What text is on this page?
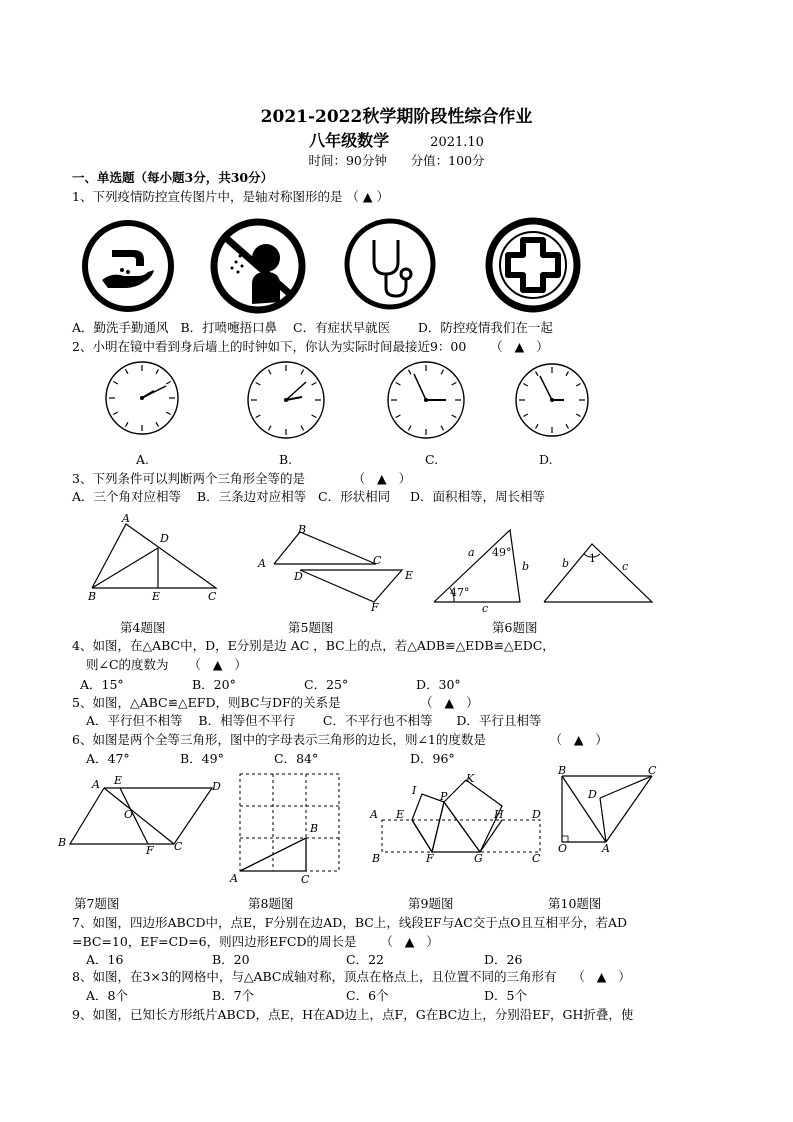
2021-2022秋学期阶段性综合作业
八年级数学	2021.10
时间：90分钟      分值：100分
一、单选题（每小题3分，共30分）
1、下列疫情防控宣传图片中，是轴对称图形的是 （ ▲ ）
A．勤洗手勤通风   B．打喷嚏捂口鼻    C．有症状早就医       D．防控疫情我们在一起
2、小明在镜中看到身后墙上的时钟如下，你认为实际时间最接近9：00      （   ▲   ）
A.	B.	C.	D.
3、下列条件可以判断两个三角形全等的是            （   ▲   ）
A．三个角对应相等    B．三条边对应相等   C．形状相同     D．面积相等，周长相等
A
D
B	E	C
B
A	C
D	E
F
a 49°
b
47°
c
b 1
c
第4题图	第5题图	第6题图
4、如图，在△ABC中，D，E分别是边 AC ，BC上的点，若△ADB≌△EDB≌△EDC，
则∠C的度数为     （   ▲   ）
A．15°	B．20°	C．25°	D．30°
5、如图，△ABC≌△EFD，则BC与DF的关系是                    （   ▲   ）
A．平行但不相等    B．相等但不平行       C．不平行也不相等      D．平行且相等
6、如图是两个全等三角形，图中的字母表示三角形的边长，则∠1的度数是                （   ▲   ）
A．47°	B．49°	C．84°	D．96°
A E	D
O
B
F C
B
A	C
I
K
P
A E	H	D
B	F	G	C
B	C
D
O	A
第7题图	第8题图	第9题图	第10题图
7、如图，四边形ABCD中，点E，F分别在边AD，BC上，线段EF与AC交于点O且互相平分，若AD
=BC=10，EF=CD=6，则四边形EFCD的周长是      （   ▲   ）
A．16	B．20	C．22	D．26
8、如图，在3×3的网格中，与△ABC成轴对称，顶点在格点上，且位置不同的三角形有    （   ▲   ）
A．8个	B．7个	C．6个	D．5个
9、如图，已知长方形纸片ABCD，点E，H在AD边上，点F，G在BC边上，分别沿EF，GH折叠，使
